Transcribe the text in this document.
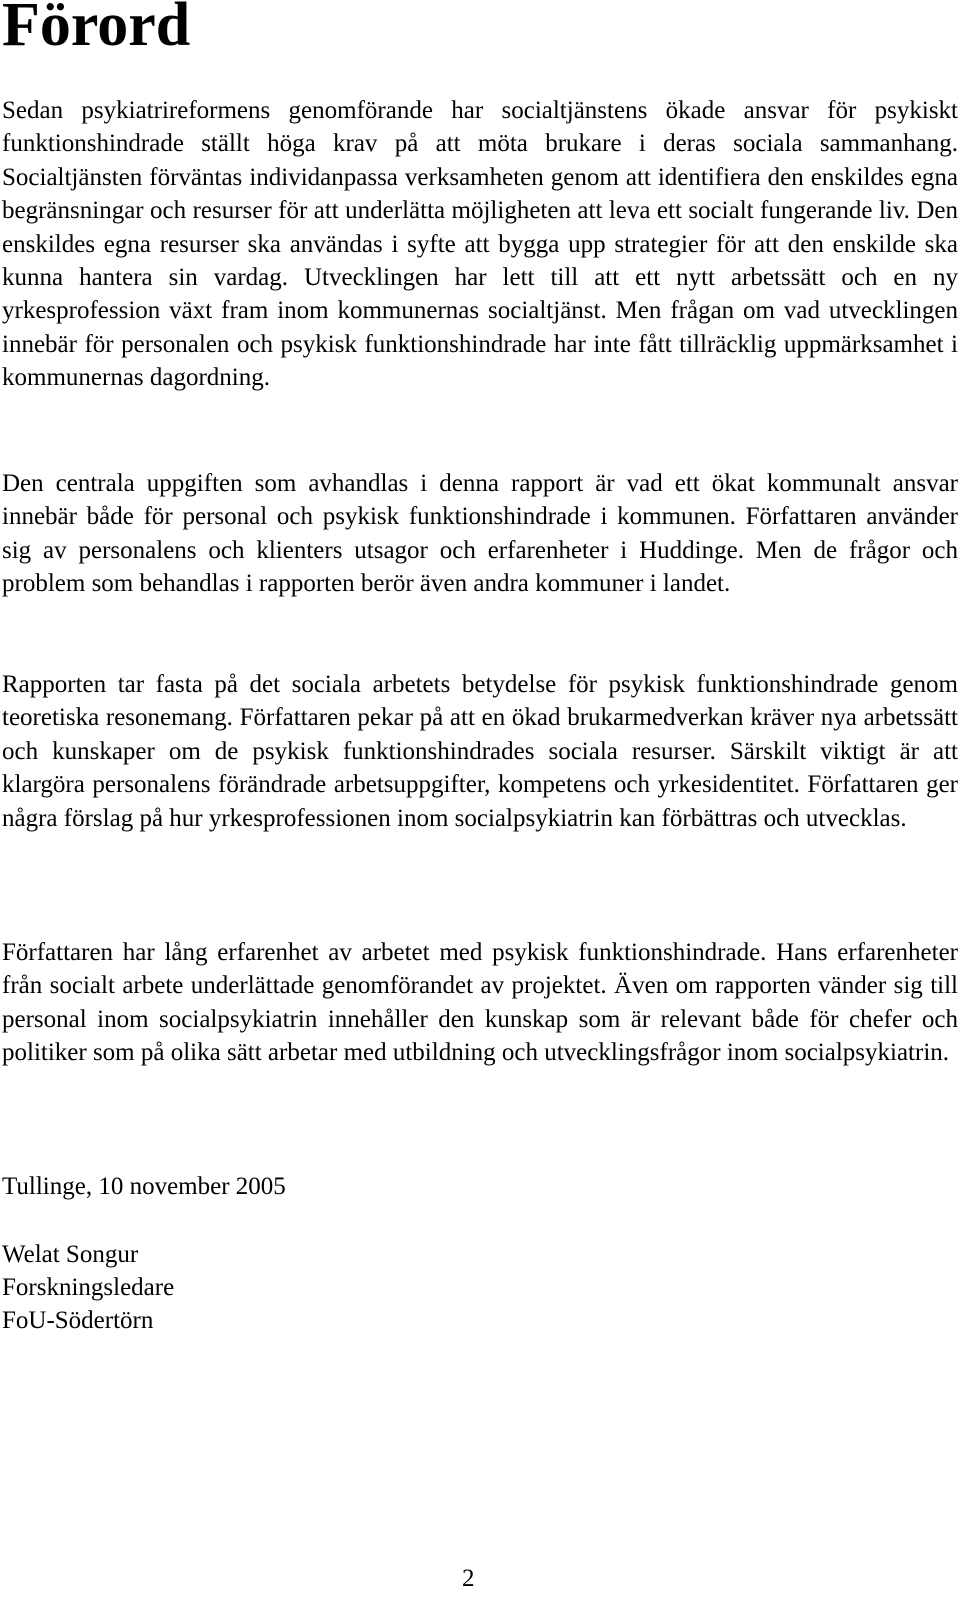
Förord

Sedan psykiatrireformens genomförande har socialtjänstens ökade ansvar för psykiskt funktionshindrade ställt höga krav på att möta brukare i deras sociala sammanhang. Socialtjänsten förväntas individanpassa verksamheten genom att identifiera den enskildes egna begränsningar och resurser för att underlätta möjligheten att leva ett socialt fungerande liv. Den enskildes egna resurser ska användas i syfte att bygga upp strategier för att den enskilde ska kunna hantera sin vardag. Utvecklingen har lett till att ett nytt arbetssätt och en ny yrkesprofession växt fram inom kommunernas socialtjänst. Men frågan om vad utvecklingen innebär för personalen och psykisk funktionshindrade har inte fått tillräcklig uppmärksamhet i kommunernas dagordning.

Den centrala uppgiften som avhandlas i denna rapport är vad ett ökat kommunalt ansvar innebär både för personal och psykisk funktionshindrade i kommunen. Författaren använder sig av personalens och klienters utsagor och erfarenheter i Huddinge. Men de frågor och problem som behandlas i rapporten berör även andra kommuner i landet.

Rapporten tar fasta på det sociala arbetets betydelse för psykisk funktionshindrade genom teoretiska resonemang. Författaren pekar på att en ökad brukarmedverkan kräver nya arbetssätt och kunskaper om de psykisk funktionshindrades sociala resurser. Särskilt viktigt är att klargöra personalens förändrade arbetsuppgifter, kompetens och yrkesidentitet. Författaren ger några förslag på hur yrkesprofessionen inom socialpsykiatrin kan förbättras och utvecklas.

Författaren har lång erfarenhet av arbetet med psykisk funktionshindrade. Hans erfarenheter från socialt arbete underlättade genomförandet av projektet. Även om rapporten vänder sig till personal inom socialpsykiatrin innehåller den kunskap som är relevant både för chefer och politiker som på olika sätt arbetar med utbildning och utvecklingsfrågor inom socialpsykiatrin.

Tullinge, 10 november 2005

Welat Songur

Forskningsledare

FoU-Södertörn

2
